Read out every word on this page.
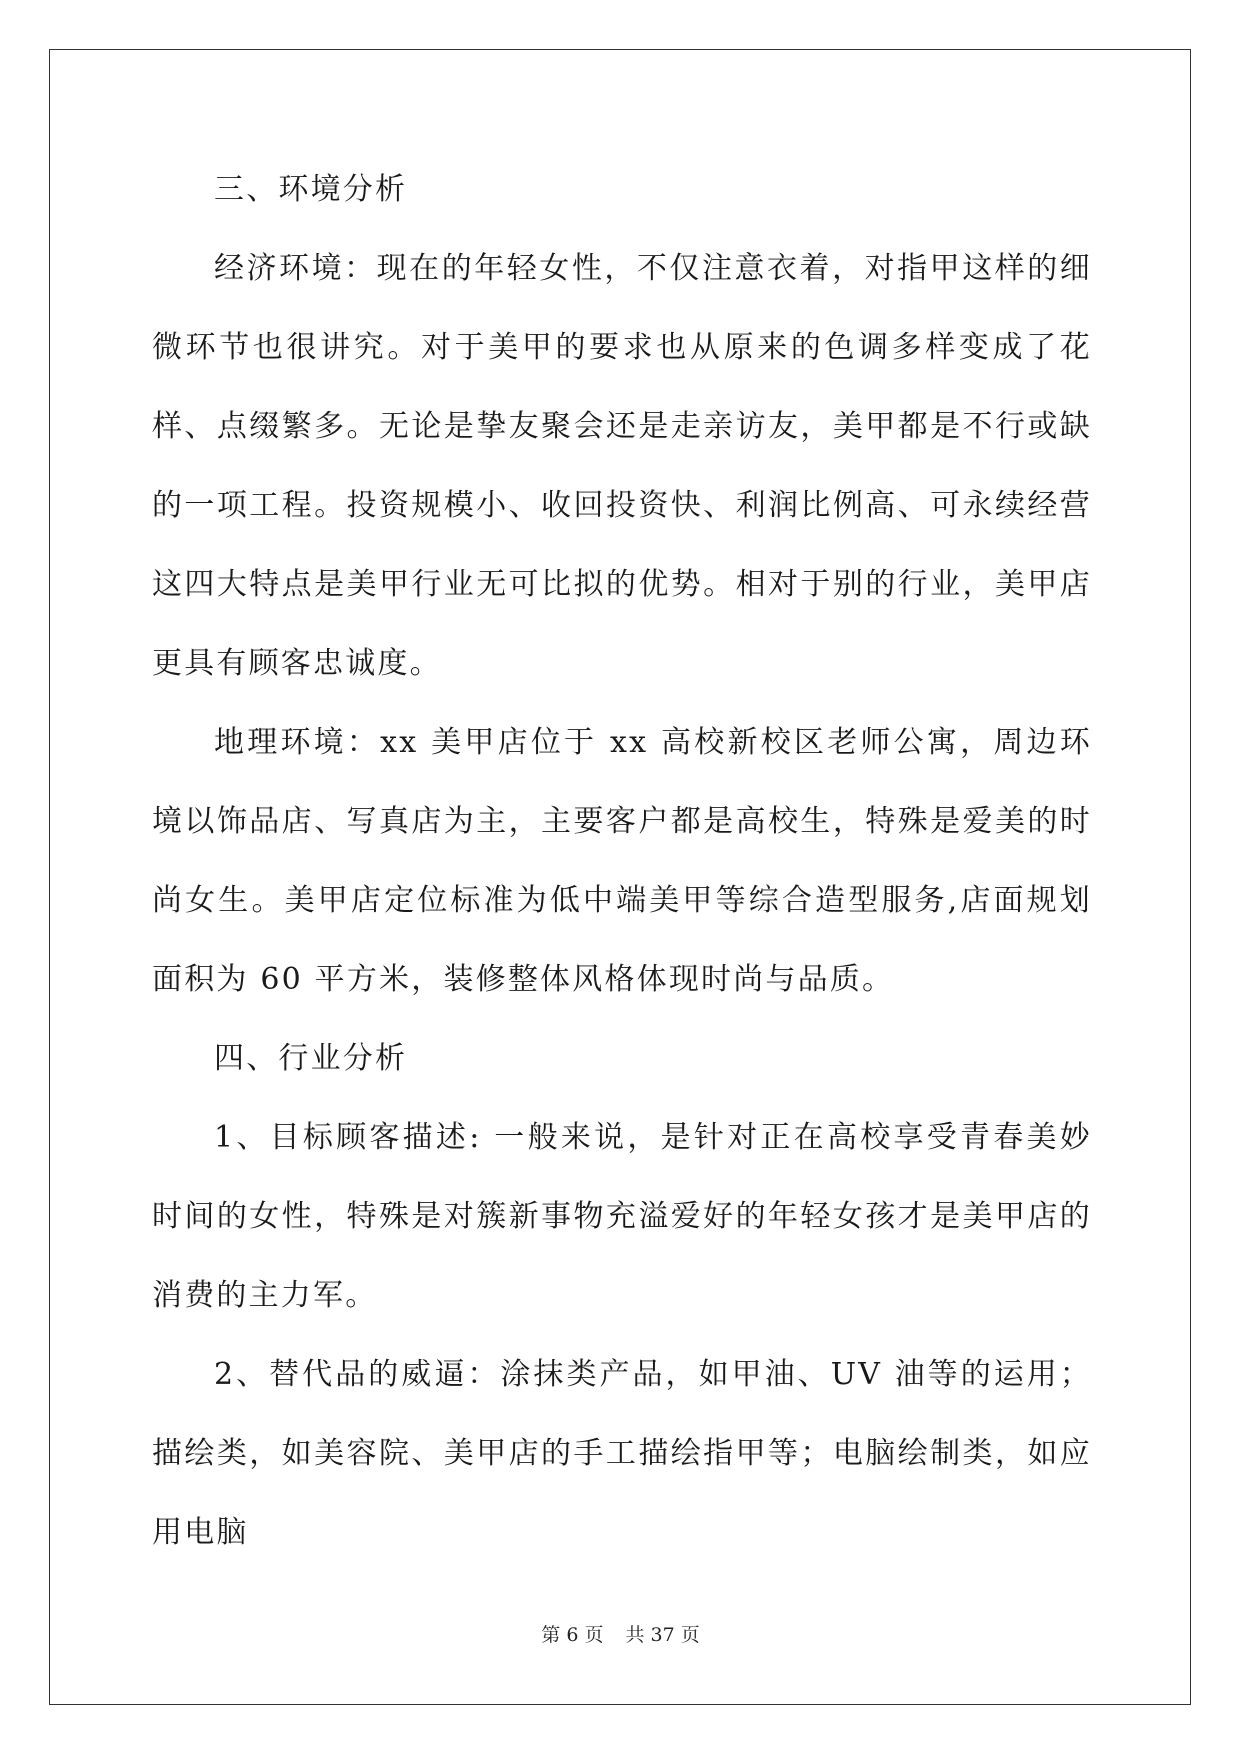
三、环境分析

经济环境：现在的年轻女性，不仅注意衣着，对指甲这样的细微环节也很讲究。对于美甲的要求也从原来的色调多样变成了花样、点缀繁多。无论是挚友聚会还是走亲访友，美甲都是不行或缺的一项工程。投资规模小、收回投资快、利润比例高、可永续经营这四大特点是美甲行业无可比拟的优势。相对于别的行业，美甲店更具有顾客忠诚度。

地理环境：xx 美甲店位于 xx 高校新校区老师公寓，周边环境以饰品店、写真店为主，主要客户都是高校生，特殊是爱美的时尚女生。美甲店定位标准为低中端美甲等综合造型服务,店面规划面积为 60 平方米，装修整体风格体现时尚与品质。

四、行业分析

1、目标顾客描述: 一般来说，是针对正在高校享受青春美妙时间的女性，特殊是对簇新事物充溢爱好的年轻女孩才是美甲店的消费的主力军。

2、替代品的威逼：涂抹类产品，如甲油、UV 油等的运用；描绘类，如美容院、美甲店的手工描绘指甲等；电脑绘制类，如应用电脑

第 6 页 共 37 页
